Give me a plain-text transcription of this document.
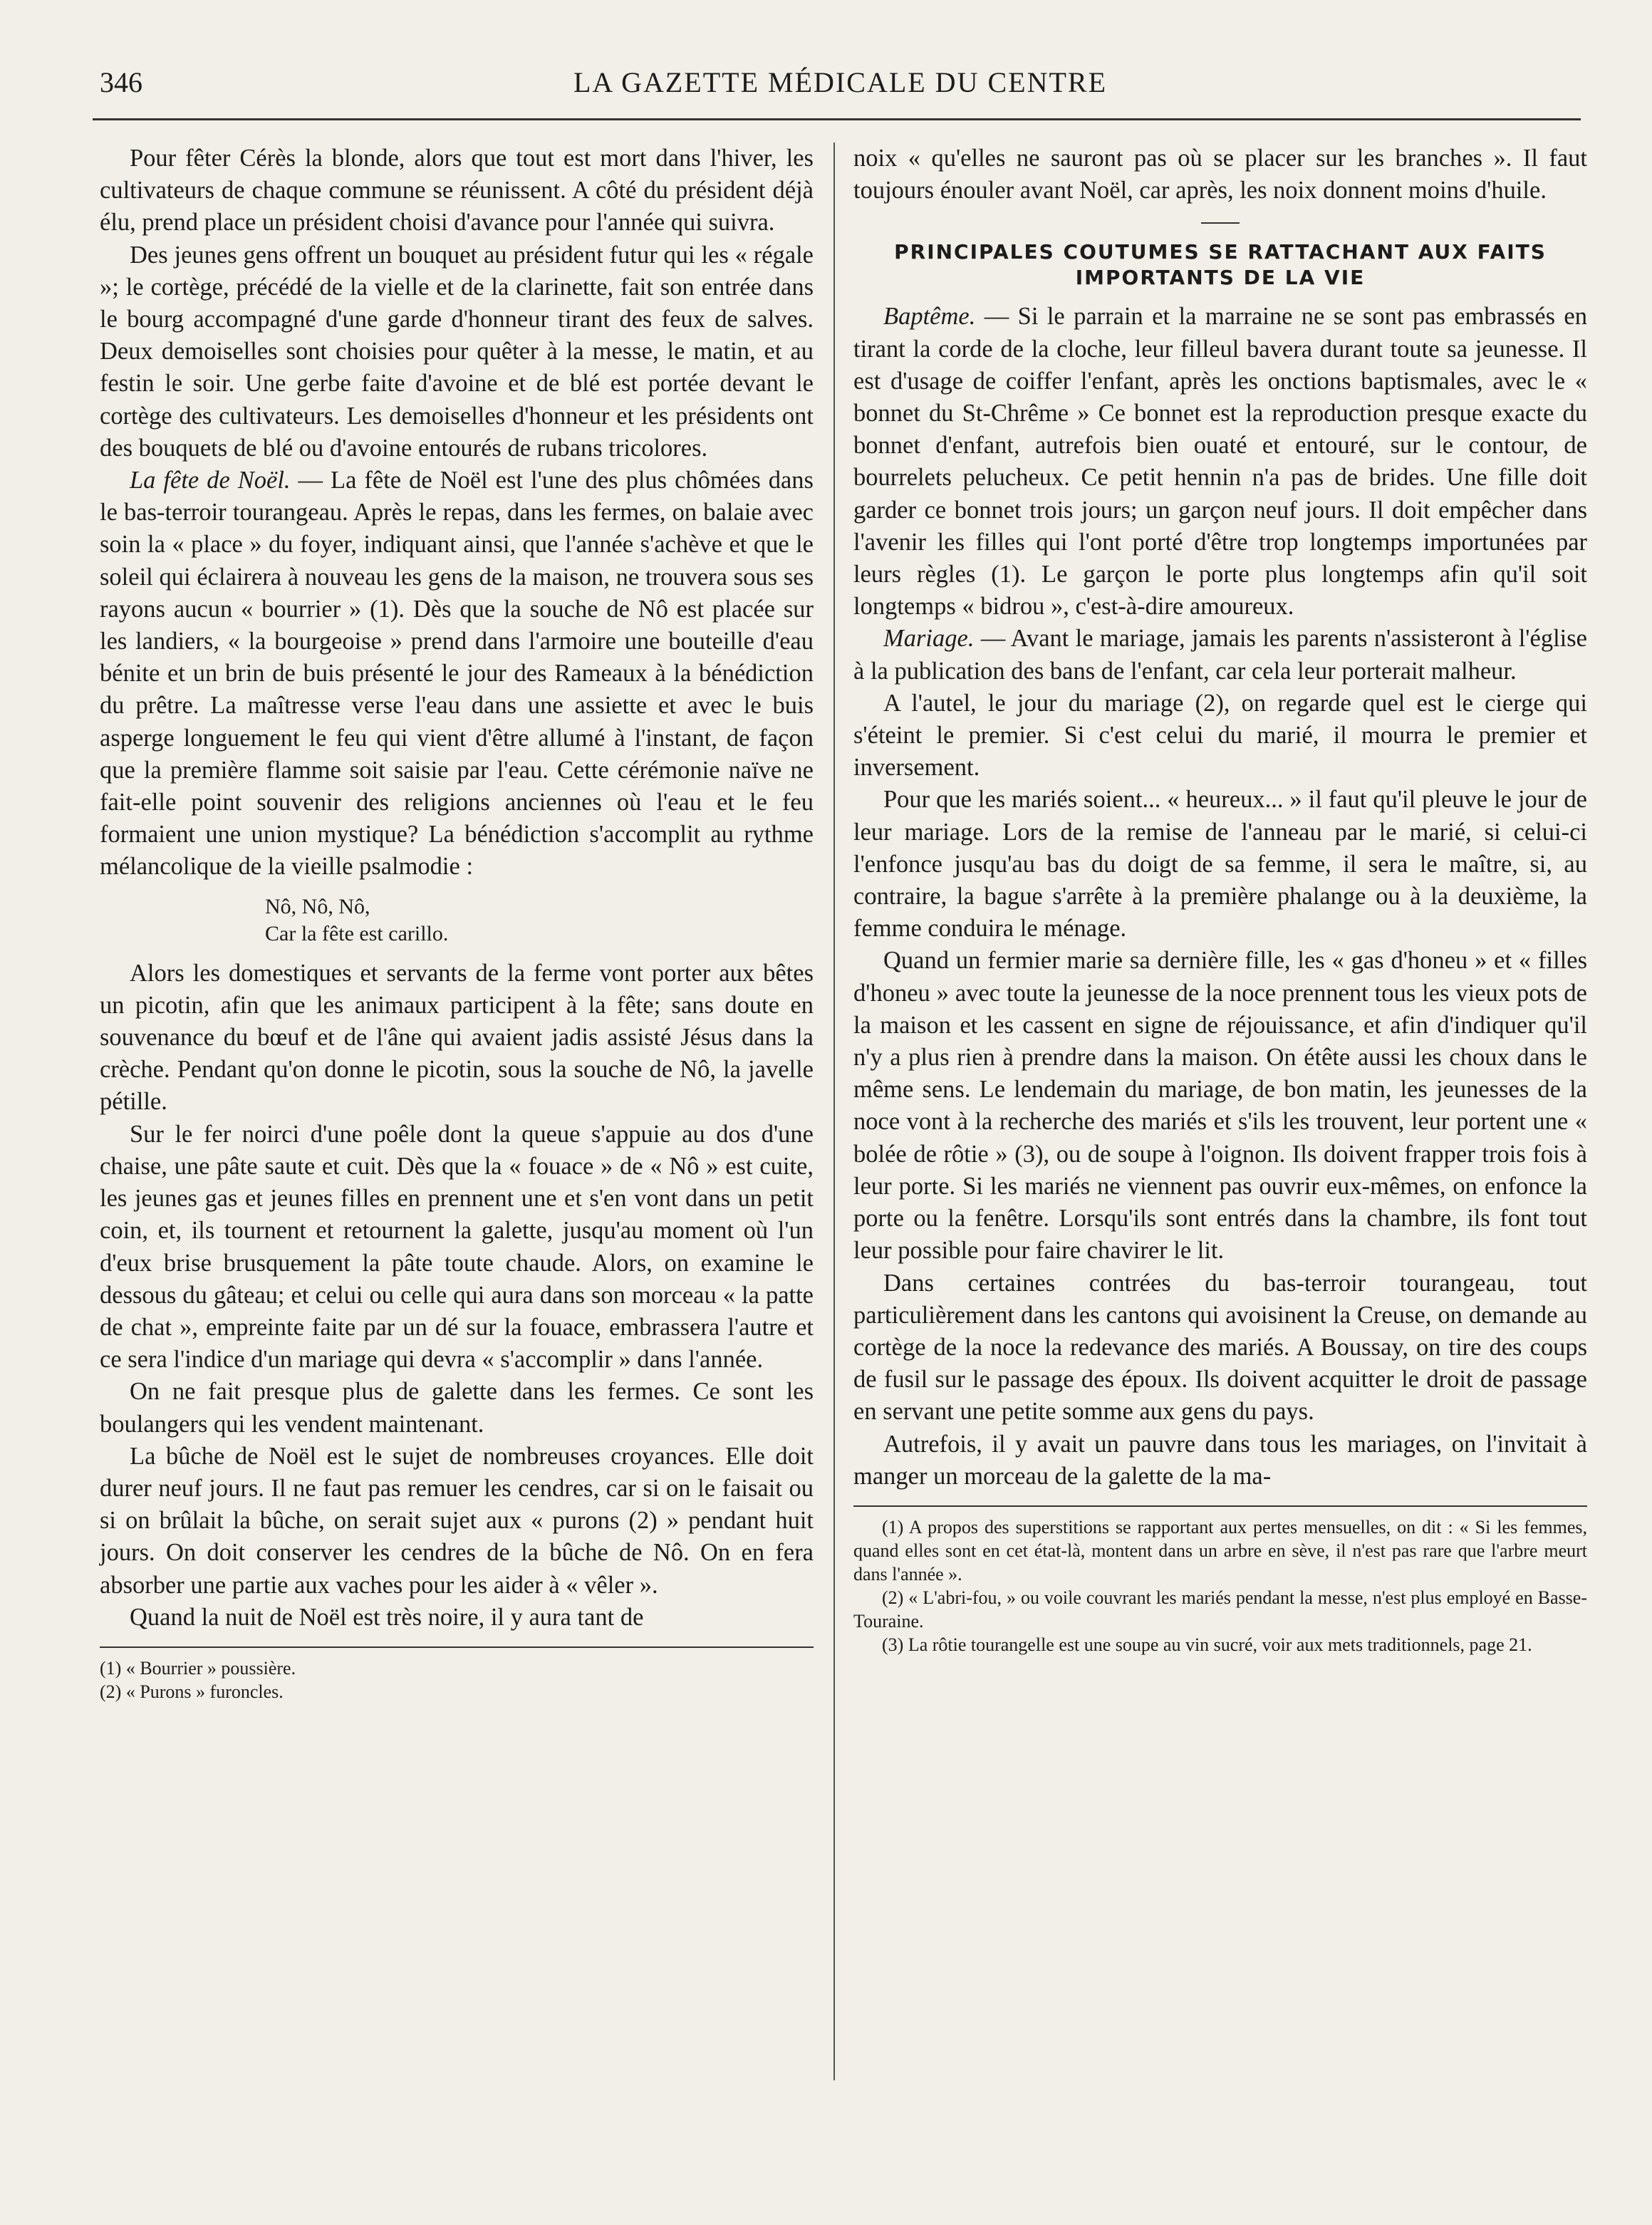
346	LA GAZETTE MÉDICALE DU CENTRE

Pour fêter Cérès la blonde, alors que tout est mort dans l'hiver, les cultivateurs de chaque commune se réunissent. A côté du président déjà élu, prend place un président choisi d'avance pour l'année qui suivra.

Des jeunes gens offrent un bouquet au président futur qui les « régale »; le cortège, précédé de la vielle et de la clarinette, fait son entrée dans le bourg accompagné d'une garde d'honneur tirant des feux de salves. Deux demoiselles sont choisies pour quêter à la messe, le matin, et au festin le soir. Une gerbe faite d'avoine et de blé est portée devant le cortège des cultivateurs. Les demoiselles d'honneur et les présidents ont des bouquets de blé ou d'avoine entourés de rubans tricolores.

La fête de Noël. — La fête de Noël est l'une des plus chômées dans le bas-terroir tourangeau. Après le repas, dans les fermes, on balaie avec soin la « place » du foyer, indiquant ainsi, que l'année s'achève et que le soleil qui éclairera à nouveau les gens de la maison, ne trouvera sous ses rayons aucun « bourrier » (1). Dès que la souche de Nô est placée sur les landiers, « la bourgeoise » prend dans l'armoire une bouteille d'eau bénite et un brin de buis présenté le jour des Rameaux à la bénédiction du prêtre. La maîtresse verse l'eau dans une assiette et avec le buis asperge longuement le feu qui vient d'être allumé à l'instant, de façon que la première flamme soit saisie par l'eau. Cette cérémonie naïve ne fait-elle point souvenir des religions anciennes où l'eau et le feu formaient une union mystique? La bénédiction s'accomplit au rythme mélancolique de la vieille psalmodie :

Nô, Nô, Nô,
Car la fête est carillo.

Alors les domestiques et servants de la ferme vont porter aux bêtes un picotin, afin que les animaux participent à la fête; sans doute en souvenance du bœuf et de l'âne qui avaient jadis assisté Jésus dans la crèche. Pendant qu'on donne le picotin, sous la souche de Nô, la javelle pétille.

Sur le fer noirci d'une poêle dont la queue s'appuie au dos d'une chaise, une pâte saute et cuit. Dès que la « fouace » de « Nô » est cuite, les jeunes gas et jeunes filles en prennent une et s'en vont dans un petit coin, et, ils tournent et retournent la galette, jusqu'au moment où l'un d'eux brise brusquement la pâte toute chaude. Alors, on examine le dessous du gâteau; et celui ou celle qui aura dans son morceau « la patte de chat », empreinte faite par un dé sur la fouace, embrassera l'autre et ce sera l'indice d'un mariage qui devra « s'accomplir » dans l'année.

On ne fait presque plus de galette dans les fermes. Ce sont les boulangers qui les vendent maintenant.

La bûche de Noël est le sujet de nombreuses croyances. Elle doit durer neuf jours. Il ne faut pas remuer les cendres, car si on le faisait ou si on brûlait la bûche, on serait sujet aux « purons (2) » pendant huit jours. On doit conserver les cendres de la bûche de Nô. On en fera absorber une partie aux vaches pour les aider à « vêler ».

Quand la nuit de Noël est très noire, il y aura tant de

(1) « Bourrier » poussière.

(2) « Purons » furoncles.

noix « qu'elles ne sauront pas où se placer sur les branches ». Il faut toujours énouler avant Noël, car après, les noix donnent moins d'huile.

PRINCIPALES COUTUMES SE RATTACHANT AUX FAITS IMPORTANTS DE LA VIE

Baptême. — Si le parrain et la marraine ne se sont pas embrassés en tirant la corde de la cloche, leur filleul bavera durant toute sa jeunesse. Il est d'usage de coiffer l'enfant, après les onctions baptismales, avec le « bonnet du St-Chrême » Ce bonnet est la reproduction presque exacte du bonnet d'enfant, autrefois bien ouaté et entouré, sur le contour, de bourrelets pelucheux. Ce petit hennin n'a pas de brides. Une fille doit garder ce bonnet trois jours; un garçon neuf jours. Il doit empêcher dans l'avenir les filles qui l'ont porté d'être trop longtemps importunées par leurs règles (1). Le garçon le porte plus longtemps afin qu'il soit longtemps « bidrou », c'est-à-dire amoureux.

Mariage. — Avant le mariage, jamais les parents n'assisteront à l'église à la publication des bans de l'enfant, car cela leur porterait malheur.

A l'autel, le jour du mariage (2), on regarde quel est le cierge qui s'éteint le premier. Si c'est celui du marié, il mourra le premier et inversement.

Pour que les mariés soient... « heureux... » il faut qu'il pleuve le jour de leur mariage. Lors de la remise de l'anneau par le marié, si celui-ci l'enfonce jusqu'au bas du doigt de sa femme, il sera le maître, si, au contraire, la bague s'arrête à la première phalange ou à la deuxième, la femme conduira le ménage.

Quand un fermier marie sa dernière fille, les « gas d'honeu » et « filles d'honeu » avec toute la jeunesse de la noce prennent tous les vieux pots de la maison et les cassent en signe de réjouissance, et afin d'indiquer qu'il n'y a plus rien à prendre dans la maison. On étête aussi les choux dans le même sens. Le lendemain du mariage, de bon matin, les jeunesses de la noce vont à la recherche des mariés et s'ils les trouvent, leur portent une « bolée de rôtie » (3), ou de soupe à l'oignon. Ils doivent frapper trois fois à leur porte. Si les mariés ne viennent pas ouvrir eux-mêmes, on enfonce la porte ou la fenêtre. Lorsqu'ils sont entrés dans la chambre, ils font tout leur possible pour faire chavirer le lit.

Dans certaines contrées du bas-terroir tourangeau, tout particulièrement dans les cantons qui avoisinent la Creuse, on demande au cortège de la noce la redevance des mariés. A Boussay, on tire des coups de fusil sur le passage des époux. Ils doivent acquitter le droit de passage en servant une petite somme aux gens du pays.

Autrefois, il y avait un pauvre dans tous les mariages, on l'invitait à manger un morceau de la galette de la ma-

(1) A propos des superstitions se rapportant aux pertes mensuelles, on dit : « Si les femmes, quand elles sont en cet état-là, montent dans un arbre en sève, il n'est pas rare que l'arbre meurt dans l'année ».

(2) « L'abri-fou, » ou voile couvrant les mariés pendant la messe, n'est plus employé en Basse-Touraine.

(3) La rôtie tourangelle est une soupe au vin sucré, voir aux mets traditionnels, page 21.
